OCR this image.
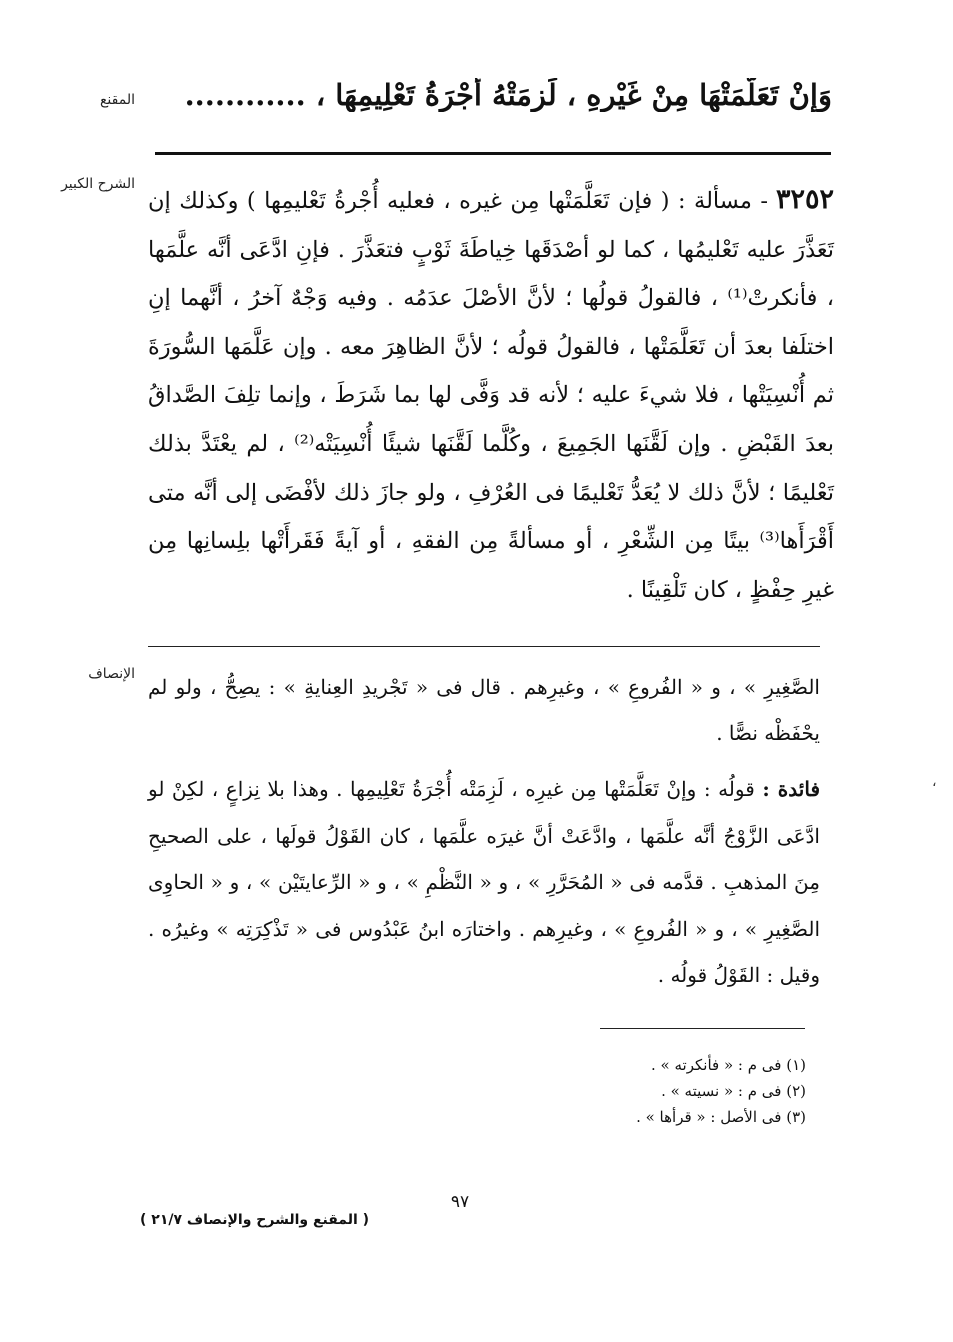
المقنع	وَإنْ تَعَلَّمَتْهَا مِنْ غَيْرِهِ ، لَزِمَتْهُ أُجْرَةُ تَعْلِيمِهَا ، ............
الشرح الكبير	٣٢٥٢- مسألة : ( فإن تَعَلَّمَتْها مِن غيره ، فعليه أُجْرةُ تَعْليمِها ) وكذلك إن تَعَذَّرَ عليه تَعْليمُها ، كما لو أصْدَقَها خِياطَةَ ثَوْبٍ فتعَذَّرَ . فإنِ ادَّعَى أنَّه علَّمَها ، فأنكرتْ⁽¹⁾ ، فالقولُ قولُها ؛ لأنَّ الأصْلَ عدَمُه . وفيه وَجْهٌ آخرُ ، أنَّهما إنِ اختلَفا بعدَ أن تَعَلَّمَتْها ، فالقولُ قولُه ؛ لأنَّ الظاهِرَ معه . وإن عَلَّمَها السُّورَةَ ثم أُنْسِيَتْها ، فلا شيءَ عليه ؛ لأنه قد وَفَّى لها بما شَرَطَ ، وإنما تلِفَ الصَّداقُ بعدَ القَبْضِ . وإن لَقَّنَها الجَمِيعَ ، وكُلَّما لَقَّنَها شيئًا أُنْسِيَتْه⁽²⁾ ، لم يعْتَدَّ بذلك تَعْليمًا ؛ لأنَّ ذلك لا يُعَدُّ تَعْليمًا فى العُرْفِ ، ولو جازَ ذلك لأفْضَى إلى أنَّه متى أَقْرَأَها⁽³⁾ بيتًا مِن الشِّعْرِ ، أو مسألةً مِن الفقهِ ، أو آيةً فَقَرأَتْها بلِسانِها مِن غيرِ حِفْظٍ ، كان تَلْقِينًا .
الإنصاف

الصَّغِيرِ » ، و « الفُروعِ » ، وغيرِهم . قال فى « تَجْريدِ العِنايةِ » : يصِحُّ ، ولو لم يحْفَظْه نصًّا .

فائدة : قولُه : وإنْ تَعَلَّمَتْها مِن غيرِه ، لَزِمَتْه أُجْرَةُ تَعْلِيمِها . وهذا بلا نِزاعٍ ، لكِنْ لو ادَّعَى الزَّوْجُ أنَّه علَّمَها ، وادَّعَتْ أنَّ غيرَه علَّمَها ، كان القَوْلُ قولَها ، على الصحيحِ مِنَ المذهبِ . قدَّمه فى « المُحَرَّرِ » ، و « النَّظْمِ » ، و « الرِّعايتَيْن » ، و « الحاوِى الصَّغِيرِ » ، و « الفُروعِ » ، وغيرِهم . واختارَه ابنُ عَبْدُوس فى « تَذْكِرَتِه » وغيرُه . وقيل : القَوْلُ قولُه .

(١) فى م : « فأنكرته » .
(٢) فى م : « نسيته » .
(٣) فى الأصل : « قرأها » .
٩٧
( المقنع والشرح والإنصاف ٢١/٧ )
،
